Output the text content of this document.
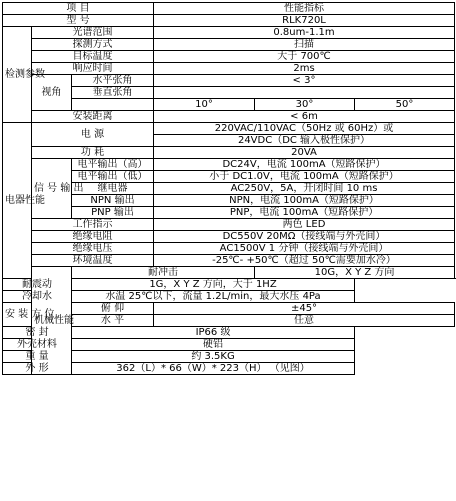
项 目			性能指标		
型 号			RLK720L		
检测参数	光谱范围		0.8um-1.1m		
	探测方式		扫描		
	目标温度		大于 700℃		
	响应时间		2ms		
	视角	水平张角	< 3°		
		垂直张角			
			10°	30°	50°
	安装距离		< 6m		
电器性能	电 源		220VAC/110VAC（50Hz 或 60Hz）或		
			24VDC（DC 输入极性保护）		
	功 耗		20VA		
	信 号 输 出	电平输出（高）	DC24V，电流 100mA（短路保护）		
		电平输出（低）	小于 DC1.0V，电流 100mA（短路保护）		
		继电器	AC250V，5A，开闭时间 10 ms		
		NPN 输出	NPN，电流 100mA（短路保护）		
		PNP 输出	PNP，电流 100mA（短路保护）		
	工作指示		两色 LED		
	绝缘电阻		DC550V 20MΩ（接线端与外壳间）		
	绝缘电压		AC1500V 1 分钟（接线端与外壳间）		
	环境温度		-25℃- +50℃（超过 50℃需要加水冷）		
	机械性能	耐冲击		10G，X Y Z 方向	
耐震动		1G，X Y Z 方向，大于 1HZ			
冷却水		水温 25℃以下，流量 1.2L/min，最大水压 4Pa			
安 装 方 位		俯 仰	±45°		
		水 平	任意		
密 封		IP66 级			
外壳材料		硬铝			
重 量		约 3.5KG			
外 形		362（L）* 66（W）* 223（H） （见图）			
